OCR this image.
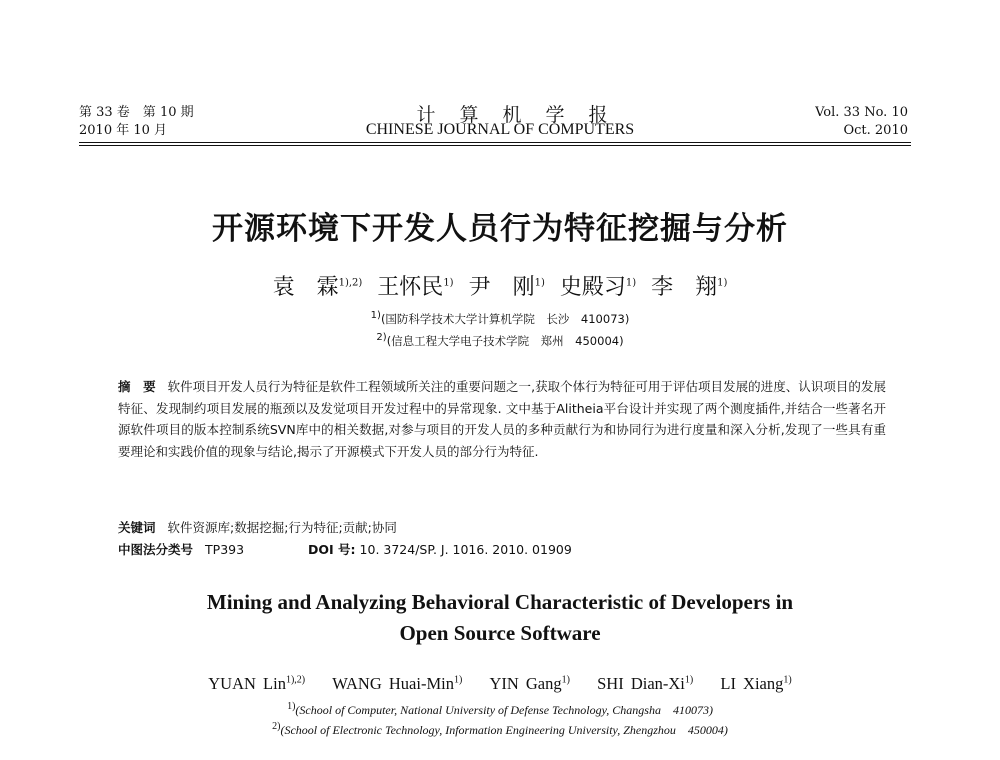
第 33 卷　第 10 期
2010 年 10 月
计算机学报
CHINESE JOURNAL OF COMPUTERS
Vol. 33 No. 10
Oct. 2010
开源环境下开发人员行为特征挖掘与分析
袁　霖$^{1),2)}$ 王怀民$^{1)}$ 尹　刚$^{1)}$ 史殿习$^{1)}$ 李　翔$^{1)}$
$^{1)}$(国防科学技术大学计算机学院　长沙　410073)
$^{2)}$(信息工程大学电子技术学院　郑州　450004)
摘　要 软件项目开发人员行为特征是软件工程领域所关注的重要问题之一,获取个体行为特征可用于评估项目发展的进度、认识项目的发展特征、发现制约项目发展的瓶颈以及发觉项目开发过程中的异常现象. 文中基于Alitheia平台设计并实现了两个测度插件,并结合一些著名开源软件项目的版本控制系统SVN库中的相关数据,对参与项目的开发人员的多种贡献行为和协同行为进行度量和深入分析,发现了一些具有重要理论和实践价值的现象与结论,揭示了开源模式下开发人员的部分行为特征.
关键词 软件资源库;数据挖掘;行为特征;贡献;协同
中图法分类号 TP393	DOI 号: 10. 3724/SP. J. 1016. 2010. 01909
Mining and Analyzing Behavioral Characteristic of Developers in
Open Source Software
YUAN Lin$^{1),2)}$ WANG Huai-Min$^{1)}$ YIN Gang$^{1)}$ SHI Dian-Xi$^{1)}$ LI Xiang$^{1)}$
$^{1)}$(School of Computer, National University of Defense Technology, Changsha　410073)
$^{2)}$(School of Electronic Technology, Information Engineering University, Zhengzhou　450004)
